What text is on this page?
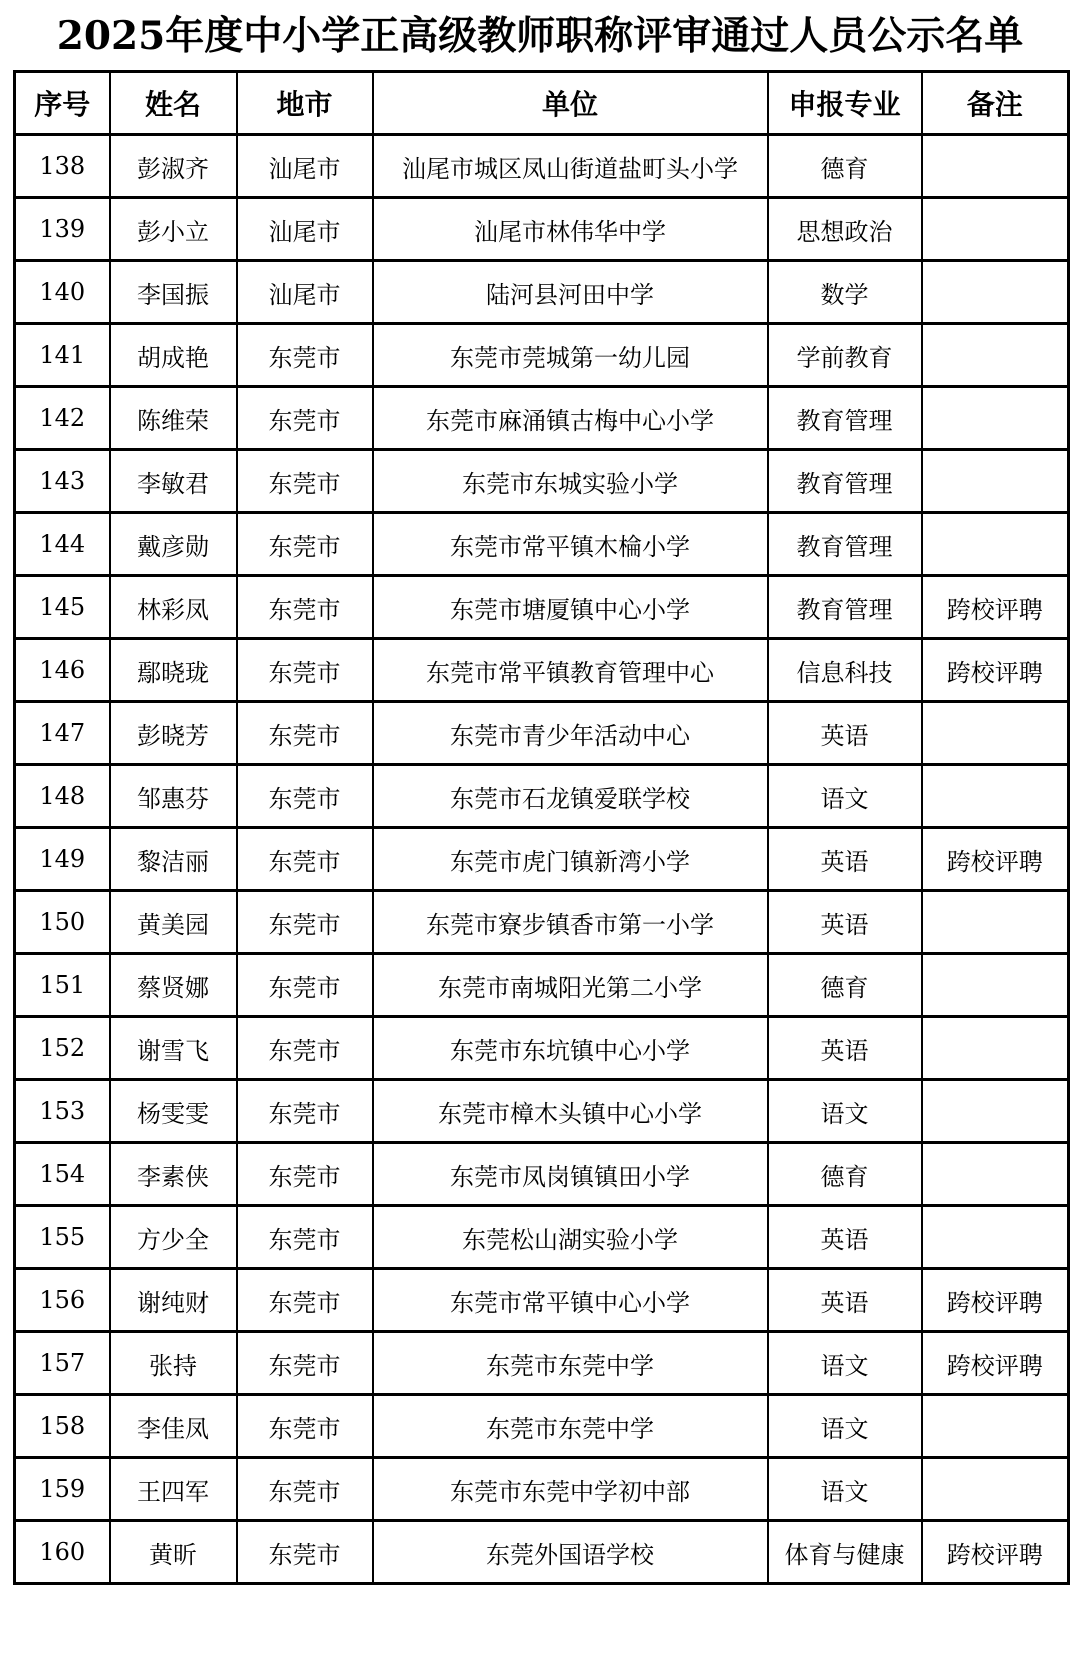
2025年度中小学正高级教师职称评审通过人员公示名单
序号	姓名	地市	单位	申报专业	备注
138	彭淑齐	汕尾市	汕尾市城区凤山街道盐町头小学	德育	
139	彭小立	汕尾市	汕尾市林伟华中学	思想政治	
140	李国振	汕尾市	陆河县河田中学	数学	
141	胡成艳	东莞市	东莞市莞城第一幼儿园	学前教育	
142	陈维荣	东莞市	东莞市麻涌镇古梅中心小学	教育管理	
143	李敏君	东莞市	东莞市东城实验小学	教育管理	
144	戴彦勋	东莞市	东莞市常平镇木棆小学	教育管理	
145	林彩凤	东莞市	东莞市塘厦镇中心小学	教育管理	跨校评聘
146	鄢晓珑	东莞市	东莞市常平镇教育管理中心	信息科技	跨校评聘
147	彭晓芳	东莞市	东莞市青少年活动中心	英语	
148	邹惠芬	东莞市	东莞市石龙镇爱联学校	语文	
149	黎洁丽	东莞市	东莞市虎门镇新湾小学	英语	跨校评聘
150	黄美园	东莞市	东莞市寮步镇香市第一小学	英语	
151	蔡贤娜	东莞市	东莞市南城阳光第二小学	德育	
152	谢雪飞	东莞市	东莞市东坑镇中心小学	英语	
153	杨雯雯	东莞市	东莞市樟木头镇中心小学	语文	
154	李素侠	东莞市	东莞市凤岗镇镇田小学	德育	
155	方少全	东莞市	东莞松山湖实验小学	英语	
156	谢纯财	东莞市	东莞市常平镇中心小学	英语	跨校评聘
157	张持	东莞市	东莞市东莞中学	语文	跨校评聘
158	李佳凤	东莞市	东莞市东莞中学	语文	
159	王四军	东莞市	东莞市东莞中学初中部	语文	
160	黄昕	东莞市	东莞外国语学校	体育与健康	跨校评聘
